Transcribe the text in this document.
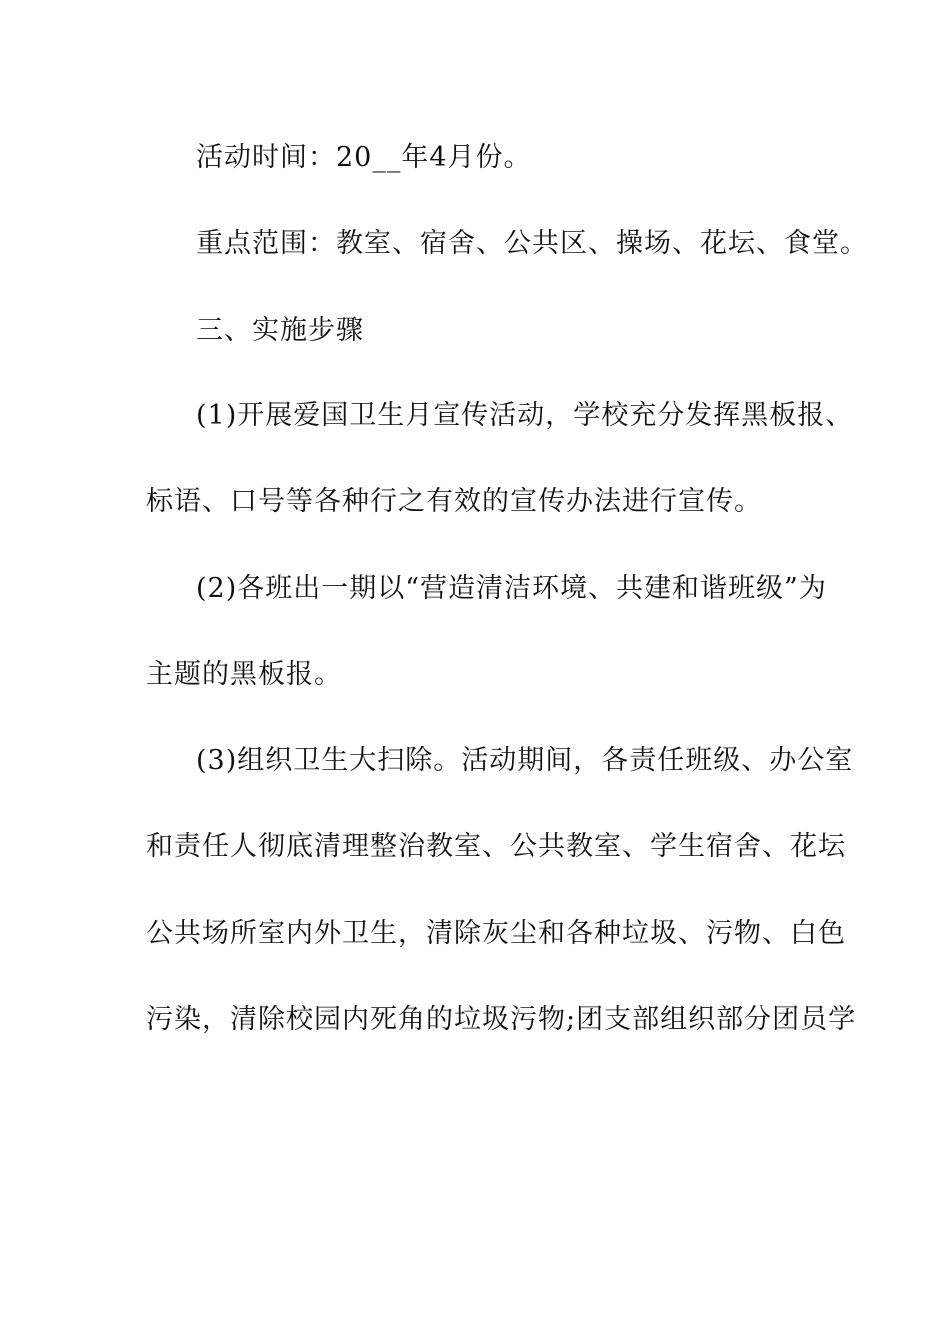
活动时间：20__年4月份。
重点范围：教室、宿舍、公共区、操场、花坛、食堂。
三、实施步骤
(1)开展爱国卫生月宣传活动，学校充分发挥黑板报、
标语、口号等各种行之有效的宣传办法进行宣传。
(2)各班出一期以“营造清洁环境、共建和谐班级”为
主题的黑板报。
(3)组织卫生大扫除。活动期间，各责任班级、办公室
和责任人彻底清理整治教室、公共教室、学生宿舍、花坛
公共场所室内外卫生，清除灰尘和各种垃圾、污物、白色
污染，清除校园内死角的垃圾污物;团支部组织部分团员学
